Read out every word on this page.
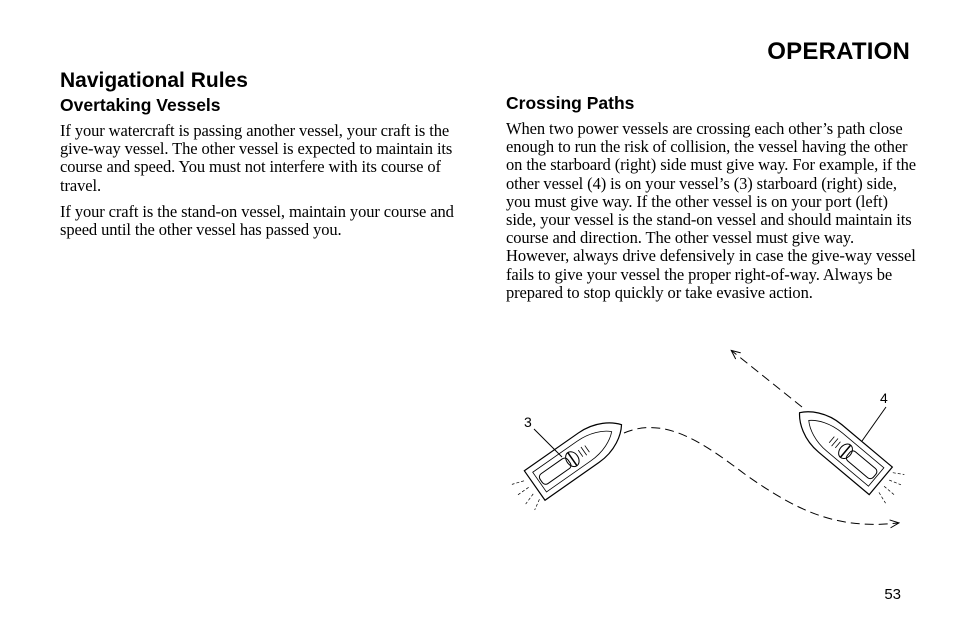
OPERATION
Navigational Rules
Overtaking Vessels

If your watercraft is passing another vessel, your craft is the give-way vessel. The other vessel is expected to maintain its course and speed. You must not interfere with its course of travel.

If your craft is the stand-on vessel, maintain your course and speed until the other vessel has passed you.

Crossing Paths

When two power vessels are crossing each other’s path close enough to run the risk of collision, the vessel having the other on the starboard (right) side must give way. For example, if the other vessel (4) is on your vessel’s (3) starboard (right) side, you must give way. If the other vessel is on your port (left) side, your vessel is the stand-on vessel and should maintain its course and direction. The other vessel must give way. However, always drive defensively in case the give-way vessel fails to give your vessel the proper right-of-way. Always be prepared to stop quickly or take evasive action.

3
4
53
